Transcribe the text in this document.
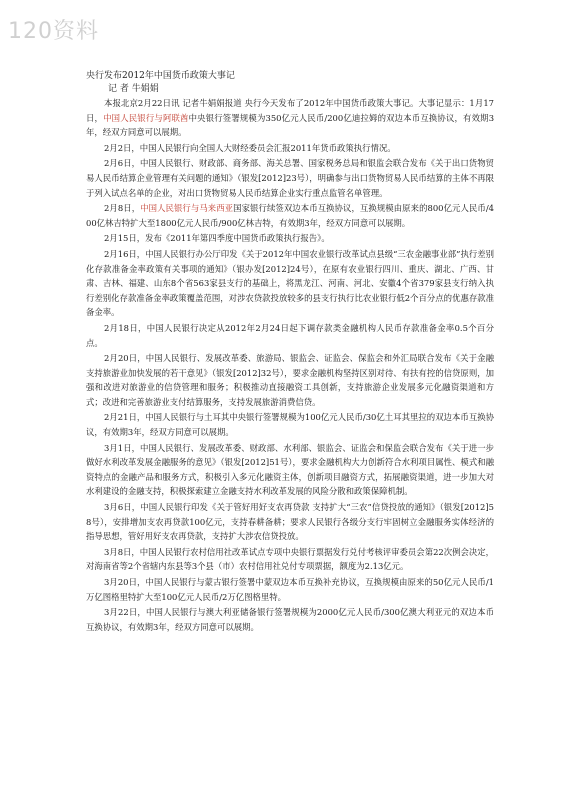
120资料

央行发布2012年中国货币政策大事记

记 者 牛娟娟

本报北京2月22日讯 记者牛娟娟报道 央行今天发布了2012年中国货币政策大事记。大事记显示：1月17日，中国人民银行与阿联酋中央银行签署规模为350亿元人民币/200亿迪拉姆的双边本币互换协议，有效期3年，经双方同意可以展期。

2月2日，中国人民银行向全国人大财经委员会汇报2011年货币政策执行情况。

2月6日，中国人民银行、财政部、商务部、海关总署、国家税务总局和银监会联合发布《关于出口货物贸易人民币结算企业管理有关问题的通知》（银发[2012]23号），明确参与出口货物贸易人民币结算的主体不再限于列入试点名单的企业，对出口货物贸易人民币结算企业实行重点监管名单管理。

2月8日，中国人民银行与马来西亚国家银行续签双边本币互换协议，互换规模由原来的800亿元人民币/400亿林吉特扩大至1800亿元人民币/900亿林吉特，有效期3年，经双方同意可以展期。

2月15日，发布《2011年第四季度中国货币政策执行报告》。

2月16日，中国人民银行办公厅印发《关于2012年中国农业银行改革试点县级“三农金融事业部”执行差别化存款准备金率政策有关事项的通知》（银办发[2012]24号），在原有农业银行四川、重庆、湖北、广西、甘肃、吉林、福建、山东8个省563家县支行的基础上，将黑龙江、河南、河北、安徽4个省379家县支行纳入执行差别化存款准备金率政策覆盖范围，对涉农贷款投放较多的县支行执行比农业银行低2个百分点的优惠存款准备金率。

2月18日，中国人民银行决定从2012年2月24日起下调存款类金融机构人民币存款准备金率0.5个百分点。

2月20日，中国人民银行、发展改革委、旅游局、银监会、证监会、保监会和外汇局联合发布《关于金融支持旅游业加快发展的若干意见》（银发[2012]32号），要求金融机构坚持区别对待、有扶有控的信贷原则，加强和改进对旅游业的信贷管理和服务；积极推动直接融资工具创新，支持旅游企业发展多元化融资渠道和方式；改进和完善旅游业支付结算服务，支持发展旅游消费信贷。

2月21日，中国人民银行与土耳其中央银行签署规模为100亿元人民币/30亿土耳其里拉的双边本币互换协议，有效期3年，经双方同意可以展期。

3月1日，中国人民银行、发展改革委、财政部、水利部、银监会、证监会和保监会联合发布《关于进一步做好水利改革发展金融服务的意见》（银发[2012]51号），要求金融机构大力创新符合水利项目属性、模式和融资特点的金融产品和服务方式，积极引入多元化融资主体，创新项目融资方式，拓展融资渠道，进一步加大对水利建设的金融支持，积极探索建立金融支持水利改革发展的风险分散和政策保障机制。

3月6日，中国人民银行印发《关于管好用好支农再贷款 支持扩大“三农”信贷投放的通知》（银发[2012]58号），安排增加支农再贷款100亿元，支持春耕备耕；要求人民银行各级分支行牢固树立金融服务实体经济的指导思想，管好用好支农再贷款，支持扩大涉农信贷投放。

3月8日，中国人民银行农村信用社改革试点专项中央银行票据发行兑付考核评审委员会第22次例会决定，对海南省等2个省辖内东县等3个县（市）农村信用社兑付专项票据，额度为2.13亿元。

3月20日，中国人民银行与蒙古银行签署中蒙双边本币互换补充协议，互换规模由原来的50亿元人民币/1万亿图格里特扩大至100亿元人民币/2万亿图格里特。

3月22日，中国人民银行与澳大利亚储备银行签署规模为2000亿元人民币/300亿澳大利亚元的双边本币互换协议，有效期3年，经双方同意可以展期。
